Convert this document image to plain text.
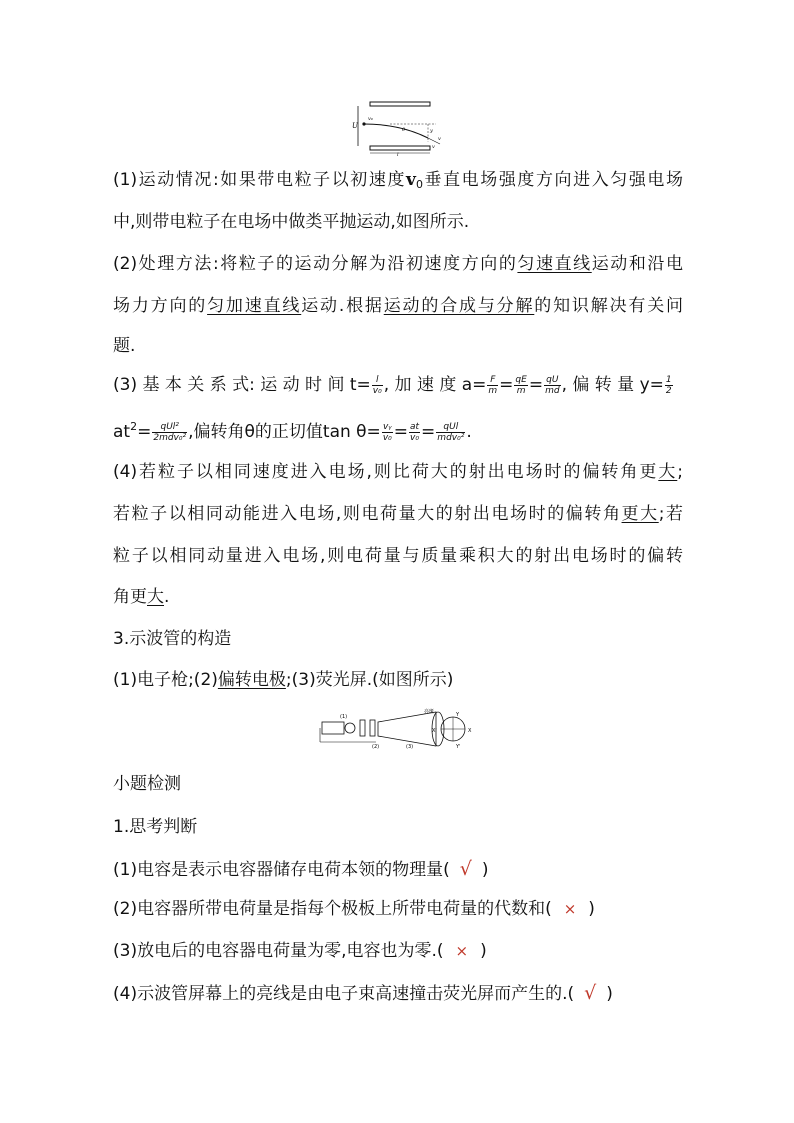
U
v₀
θ	y
v
v
l
(1)运动情况:如果带电粒子以初速度$v_0$垂直电场强度方向进入匀强电场
中,则带电粒子在电场中做类平抛运动,如图所示.
(2)处理方法:将粒子的运动分解为沿初速度方向的匀速直线运动和沿电
场力方向的匀加速直线运动.根据运动的合成与分解的知识解决有关问
题.
(3) 基 本 关 系 式: 运 动 时 间 $t= \frac{l}{\text{v₀}}$ , 加 速 度 $a= \frac{F}{m} = \frac{qE}{m} = \frac{qU}{md}$ , 偏 转 量 $y= \frac{1}{2}$
$at^2= \frac{\text{qUl²}}{\text{2mdv₀²}}$ ,偏转角θ的正切值$\tan \theta= \frac{\text{vᵧ}}{\text{v₀}} = \frac{at}{\text{v₀}} = \frac{\text{qUl}}{\text{mdv₀²}}$ .
(4)若粒子以相同速度进入电场,则比荷大的射出电场时的偏转角更大;
若粒子以相同动能进入电场,则电荷量大的射出电场时的偏转角更大;若
粒子以相同动量进入电场,则电荷量与质量乘积大的射出电场时的偏转
角更大.
3.示波管的构造
(1)电子枪;(2)偏转电极;(3)荧光屏.(如图所示)
(1)
(2)	(3)
亮斑	Y
Y'
X
X'
小题检测
1.思考判断
(1)电容是表示电容器储存电荷本领的物理量( √ )
(2)电容器所带电荷量是指每个极板上所带电荷量的代数和( × )
(3)放电后的电容器电荷量为零,电容也为零.( × )
(4)示波管屏幕上的亮线是由电子束高速撞击荧光屏而产生的.( √ )
